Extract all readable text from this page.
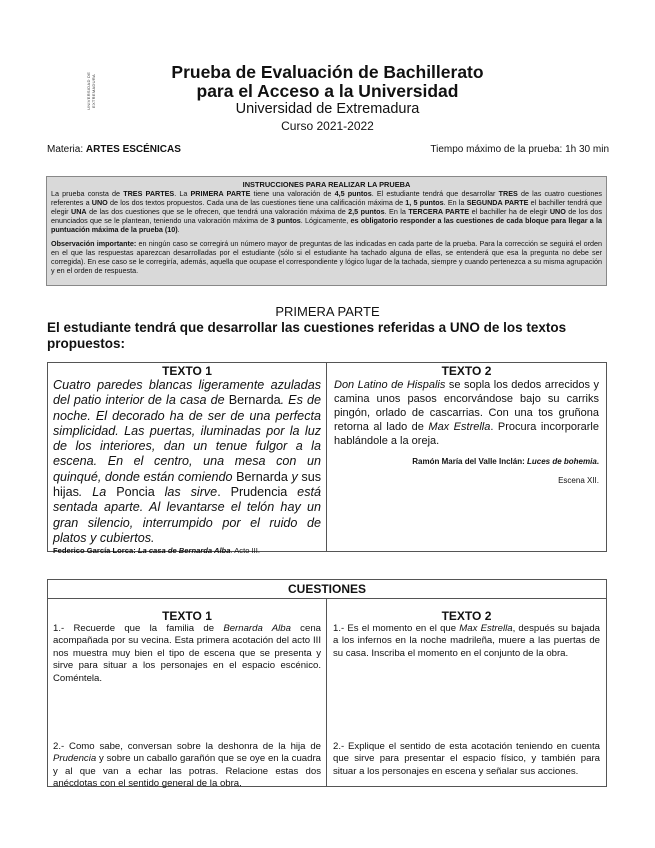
UNIVERSIDAD DE EXTREMADURA
Prueba de Evaluación de Bachillerato
para el Acceso a la Universidad
Universidad de Extremadura
Curso 2021-2022
Materia: ARTES ESCÉNICAS	Tiempo máximo de la prueba: 1h 30 min
INSTRUCCIONES PARA REALIZAR LA PRUEBA

La prueba consta de TRES PARTES. La PRIMERA PARTE tiene una valoración de 4,5 puntos. El estudiante tendrá que desarrollar TRES de las cuatro cuestiones referentes a UNO de los dos textos propuestos. Cada una de las cuestiones tiene una calificación máxima de 1, 5 puntos. En la SEGUNDA PARTE el bachiller tendrá que elegir UNA de las dos cuestiones que se le ofrecen, que tendrá una valoración máxima de 2,5 puntos. En la TERCERA PARTE el bachiller ha de elegir UNO de los dos enunciados que se le plantean, teniendo una valoración máxima de 3 puntos. Lógicamente, es obligatorio responder a las cuestiones de cada bloque para llegar a la puntuación máxima de la prueba (10).

Observación importante: en ningún caso se corregirá un número mayor de preguntas de las indicadas en cada parte de la prueba. Para la corrección se seguirá el orden en el que las respuestas aparezcan desarrolladas por el estudiante (sólo si el estudiante ha tachado alguna de ellas, se entenderá que esa la pregunta no debe ser corregida). En ese caso se le corregiría, además, aquella que ocupase el correspondiente y lógico lugar de la tachada, siempre y cuando pertenezca a su misma agrupación y en el orden de respuesta.

PRIMERA PARTE
El estudiante tendrá que desarrollar las cuestiones referidas a UNO de los textos propuestos:
TEXTO 1

Cuatro paredes blancas ligeramente azuladas del patio interior de la casa de Bernarda. Es de noche. El decorado ha de ser de una perfecta simplicidad. Las puertas, iluminadas por la luz de los interiores, dan un tenue fulgor a la escena. En el centro, una mesa con un quinqué, donde están comiendo Bernarda y sus hijas. La Poncia las sirve. Prudencia está sentada aparte. Al levantarse el telón hay un gran silencio, interrumpido por el ruido de platos y cubiertos.

Federico García Lorca: La casa de Bernarda Alba. Acto III.
TEXTO 2

Don Latino de Hispalis se sopla los dedos arrecidos y camina unos pasos encorvándose bajo su carriks pingón, orlado de cascarrias. Con una tos gruñona retorna al lado de Max Estrella. Procura incorporarle hablándole a la oreja.

Ramón María del Valle Inclán: Luces de bohemia.
Escena XII.
CUESTIONES
TEXTO 1

1.- Recuerde que la familia de Bernarda Alba cena acompañada por su vecina. Esta primera acotación del acto III nos muestra muy bien el tipo de escena que se presenta y sirve para situar a los personajes en el espacio escénico. Coméntela.

2.- Como sabe, conversan sobre la deshonra de la hija de Prudencia y sobre un caballo garañón que se oye en la cuadra y al que van a echar las potras. Relacione estas dos anécdotas con el sentido general de la obra.

TEXTO 2

1.- Es el momento en el que Max Estrella, después su bajada a los infernos en la noche madrileña, muere a las puertas de su casa. Inscriba el momento en el conjunto de la obra.

2.- Explique el sentido de esta acotación teniendo en cuenta que sirve para presentar el espacio físico, y también para situar a los personajes en escena y señalar sus acciones.
